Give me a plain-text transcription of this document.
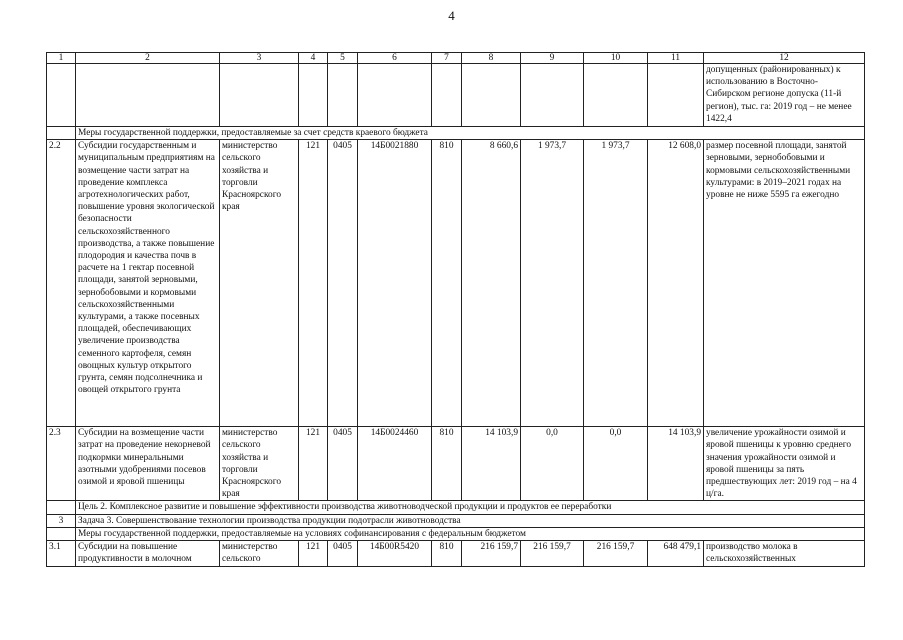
4
1	2	3	4	5	6	7	8	9	10	11	12
											допущенных (районированных) к использованию в Восточно-Сибирском регионе допуска (11-й регион), тыс. га: 2019 год – не менее 1422,4
	Меры государственной поддержки, предоставляемые за счет средств краевого бюджета										
2.2	Субсидии государственным и муниципальным предприятиям на возмещение части затрат на проведение комплекса агротехнологических работ, повышение уровня экологической безопасности сельскохозяйственного производства, а также повышение плодородия и качества почв в расчете на 1 гектар посевной площади, занятой зерновыми, зернобобовыми и кормовыми сельскохозяйственными культурами, а также посевных площадей, обеспечивающих увеличение производства семенного картофеля, семян овощных культур открытого грунта, семян подсолнечника и овощей открытого грунта	министерство сельского хозяйства и торговли Красноярского края	121	0405	14Б0021880	810	8 660,6	1 973,7	1 973,7	12 608,0	размер посевной площади, занятой зерновыми, зернобобовыми и кормовыми сельскохозяйственными культурами: в 2019–2021 годах на уровне не ниже 5595 га ежегодно
2.3	Субсидии на возмещение части затрат на проведение некорневой подкормки минеральными азотными удобрениями посевов озимой и яровой пшеницы	министерство сельского хозяйства и торговли Красноярского края	121	0405	14Б0024460	810	14 103,9	0,0	0,0	14 103,9	увеличение урожайности озимой и яровой пшеницы к уровню среднего значения урожайности озимой и яровой пшеницы за пять предшествующих лет: 2019 год – на 4 ц/га.
	Цель 2. Комплексное развитие и повышение эффективности производства животноводческой продукции и продуктов ее переработки										
3	Задача 3. Совершенствование технологии производства продукции подотрасли животноводства										
	Меры государственной поддержки, предоставляемые на условиях софинансирования с федеральным бюджетом										
3.1	Субсидии на повышение продуктивности в молочном	министерство сельского	121	0405	14Б00R5420	810	216 159,7	216 159,7	216 159,7	648 479,1	производство молока в сельскохозяйственных
